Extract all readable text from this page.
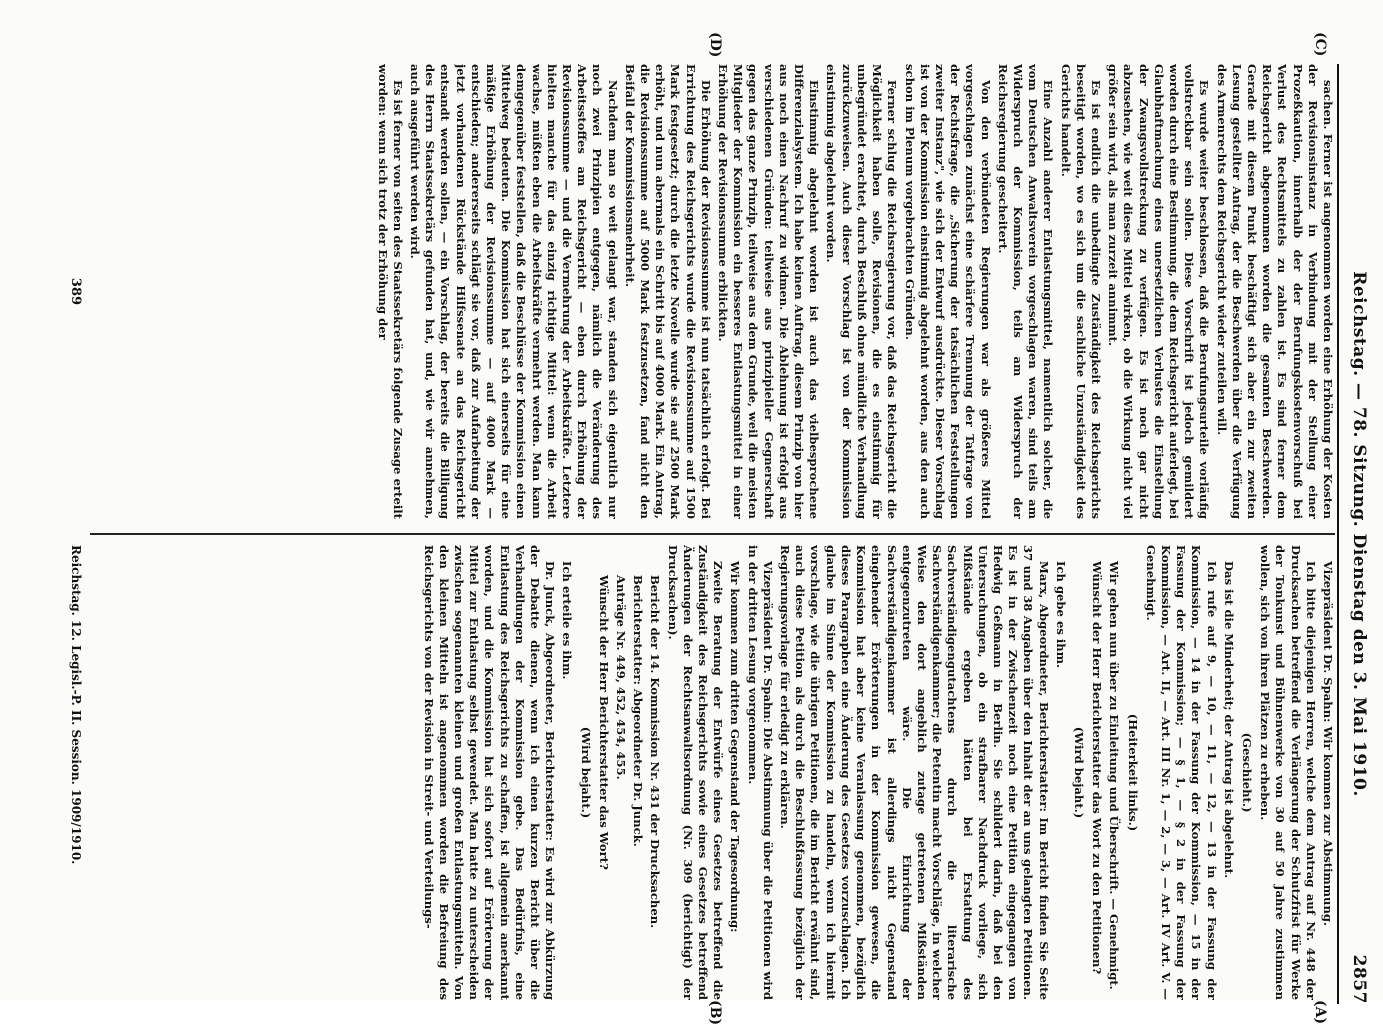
Reichstag. — 78. Sitzung. Dienstag den 3. Mai 1910.
2857
(A)
(B)
(C)
(D)

Vizepräsident Dr. Spahn: Wir kommen zur Abstimmung.

Ich bitte diejenigen Herren, welche dem Antrag auf Nr. 448 der Drucksachen betreffend die Verlängerung der Schutzfrist für Werke der Tonkunst und Bühnenwerke von 30 auf 50 Jahre zustimmen wollen, sich von ihren Plätzen zu erheben.

(Geschieht.)

Das ist die Minderheit; der Antrag ist abgelehnt.

Ich rufe auf 9, — 10, — 11, — 12, — 13 in der Fassung der Kommission, — 14 in der Fassung der Kommission, — 15 in der Fassung der Kommission; — § 1, — § 2 in der Fassung der Kommission, — Art. II, — Art. III Nr. 1, — 2, — 3, — Art. IV Art. V. — Genehmigt.

(Heiterkeit links.)

Wir gehen nun über zu Einleitung und Überschrift. — Genehmigt.

Wünscht der Herr Berichterstatter das Wort zu den Petitionen?

(Wird bejaht.)

Ich gebe es ihm.

Marx, Abgeordneter, Berichterstatter: Im Bericht finden Sie Seite 37 und 38 Angaben über den Inhalt der an uns gelangten Petitionen. Es ist in der Zwischenzeit noch eine Petition eingegangen von Hedwig Geßmann in Berlin. Sie schildert darin, daß bei den Untersuchungen, ob ein strafbarer Nachdruck vorliege, sich Mißstände ergeben hätten bei Erstattung des Sachverständigengutachtens durch die literarische Sachverständigenkammer; die Petentin macht Vorschläge, in welcher Weise den dort angeblich zutage getretenen Mißständen entgegenzutreten wäre. Die Einrichtung der Sachverständigenkammer ist allerdings nicht Gegenstand eingehender Erörterungen in der Kommission gewesen, die Kommission hat aber keine Veranlassung genommen, bezüglich dieses Paragraphen eine Änderung des Gesetzes vorzuschlagen. Ich glaube im Sinne der Kommission zu handeln, wenn ich hiermit vorschlage, wie die übrigen Petitionen, die im Bericht erwähnt sind, auch diese Petition als durch die Beschlußfassung bezüglich der Regierungsvorlage für erledigt zu erklären.

Vizepräsident Dr. Spahn: Die Abstimmung über die Petitionen wird in der dritten Lesung vorgenommen.

Wir kommen zum dritten Gegenstand der Tagesordnung:

Zweite Beratung der Entwürfe eines Gesetzes betreffend die Zuständigkeit des Reichsgerichts sowie eines Gesetzes betreffend Änderungen der Rechtsanwaltsordnung (Nr. 309 (berichtigt) der Drucksachen).

Bericht der 14. Kommission Nr. 431 der Drucksachen.

Berichterstatter: Abgeordneter Dr. Junck.

Anträge Nr. 449, 452, 454, 455.

Wünscht der Herr Berichterstatter das Wort?

(Wird bejaht.)

Ich erteile es ihm.

Dr. Junck, Abgeordneter, Berichterstatter: Es wird zur Abkürzung der Debatte dienen, wenn ich einen kurzen Bericht über die Verhandlungen der Kommission gebe. Das Bedürfnis, eine Entlastung des Reichsgerichts zu schaffen, ist allgemein anerkannt worden, und die Kommission hat sich sofort auf Erörterung der Mittel zur Entlastung selbst gewendet. Man hatte zu unterscheiden zwischen sogenannten kleinen und großen Entlastungsmitteln. Von den kleinen Mitteln ist angenommen worden die Befreiung des Reichsgerichts von der Revision in Streit- und Verteilungs-

sachen. Ferner ist angenommen worden eine Erhöhung der Kosten der Revisionsinstanz in Verbindung mit der Stellung einer Prozeßkaution, innerhalb der der Berufungskostenvorschuß bei Verlust des Rechtsmittels zu zahlen ist. Es sind ferner dem Reichsgericht abgenommen worden die gesamten Beschwerden. Gerade mit diesem Punkt beschäftigt sich aber ein zur zweiten Lesung gestellter Antrag, der die Beschwerden über die Verfügung des Armenrechts dem Reichsgericht wieder zuteilen will.

Es wurde weiter beschlossen, daß die Berufungsurteile vorläufig vollstreckbar sein sollen. Diese Vorschrift ist jedoch gemildert worden durch eine Bestimmung, die dem Reichsgericht auferlegt, bei Glaubhaftmachung eines unersetzlichen Verlustes die Einstellung der Zwangsvollstreckung zu verfügen. Es ist noch gar nicht abzusehen, wie weit dieses Mittel wirken, ob die Wirkung nicht viel größer sein wird, als man zurzeit annimmt.

Es ist endlich die unbedingte Zuständigkeit des Reichsgerichts beseitigt worden, wo es sich um die sachliche Unzuständigkeit des Gerichts handelt.

Eine Anzahl anderer Entlastungsmittel, namentlich solcher, die vom Deutschen Anwaltsverein vorgeschlagen waren, sind teils am Widerspruch der Kommission, teils am Widerspruch der Reichsregierung gescheitert.

Von den verbündeten Regierungen war als größeres Mittel vorgeschlagen zunächst eine schärfere Trennung der Tatfrage von der Rechtsfrage, die „Sicherung der tatsächlichen Feststellungen zweiter Instanz", wie sich der Entwurf ausdrückte. Dieser Vorschlag ist von der Kommission einstimmig abgelehnt worden, aus den auch schon im Plenum vorgebrachten Gründen.

Ferner schlug die Reichsregierung vor, daß das Reichsgericht die Möglichkeit haben solle, Revisionen, die es einstimmig für unbegründet erachtet, durch Beschluß ohne mündliche Verhandlung zurückzuweisen. Auch dieser Vorschlag ist von der Kommission einstimmig abgelehnt worden.

Einstimmig abgelehnt worden ist auch das vielbesprochene Differenzialsystem. Ich habe keinen Auftrag, diesem Prinzip von hier aus noch einen Nachruf zu widmen. Die Ablehnung ist erfolgt aus verschiedenen Gründen: teilweise aus prinzipieller Gegnerschaft gegen das ganze Prinzip, teilweise aus dem Grunde, weil die meisten Mitglieder der Kommission ein besseres Entlastungsmittel in einer Erhöhung der Revisionssumme erblickten.

Die Erhöhung der Revisionssumme ist nun tatsächlich erfolgt. Bei Errichtung des Reichsgerichts wurde die Revisionssumme auf 1500 Mark festgesetzt; durch die letzte Novelle wurde sie auf 2500 Mark erhöht, und nun abermals ein Schritt bis auf 4000 Mark. Ein Antrag, die Revisionssumme auf 5000 Mark festzusetzen, fand nicht den Beifall der Kommissionsmehrheit.

Nachdem man so weit gelangt war, standen sich eigentlich nur noch zwei Prinzipien entgegen, nämlich die Veränderung des Arbeitsstoffes am Reichsgericht — eben durch Erhöhung der Revisionssumme — und die Vermehrung der Arbeitskräfte. Letztere hielten manche für das einzig richtige Mittel: wenn die Arbeit wachse, müßten eben die Arbeitskräfte vermehrt werden. Man kann demgegenüber feststellen, daß die Beschlüsse der Kommission einen Mittelweg bedeuten. Die Kommission hat sich einerseits für eine mäßige Erhöhung der Revisionssumme — auf 4000 Mark — entschieden; andererseits schlägt sie vor, daß zur Aufarbeitung der jetzt vorhandenen Rückstände Hilfssenate an das Reichsgericht entsandt werden sollen, — ein Vorschlag, der bereits die Billigung des Herrn Staatssekretärs gefunden hat, und, wie wir annehmen, auch ausgeführt werden wird.

Es ist ferner von seiten des Staatssekretärs folgende Zusage erteilt worden: wenn sich trotz der Erhöhung der

Reichstag. 12. Legisl.-P. II. Session. 1909/1910.
389
